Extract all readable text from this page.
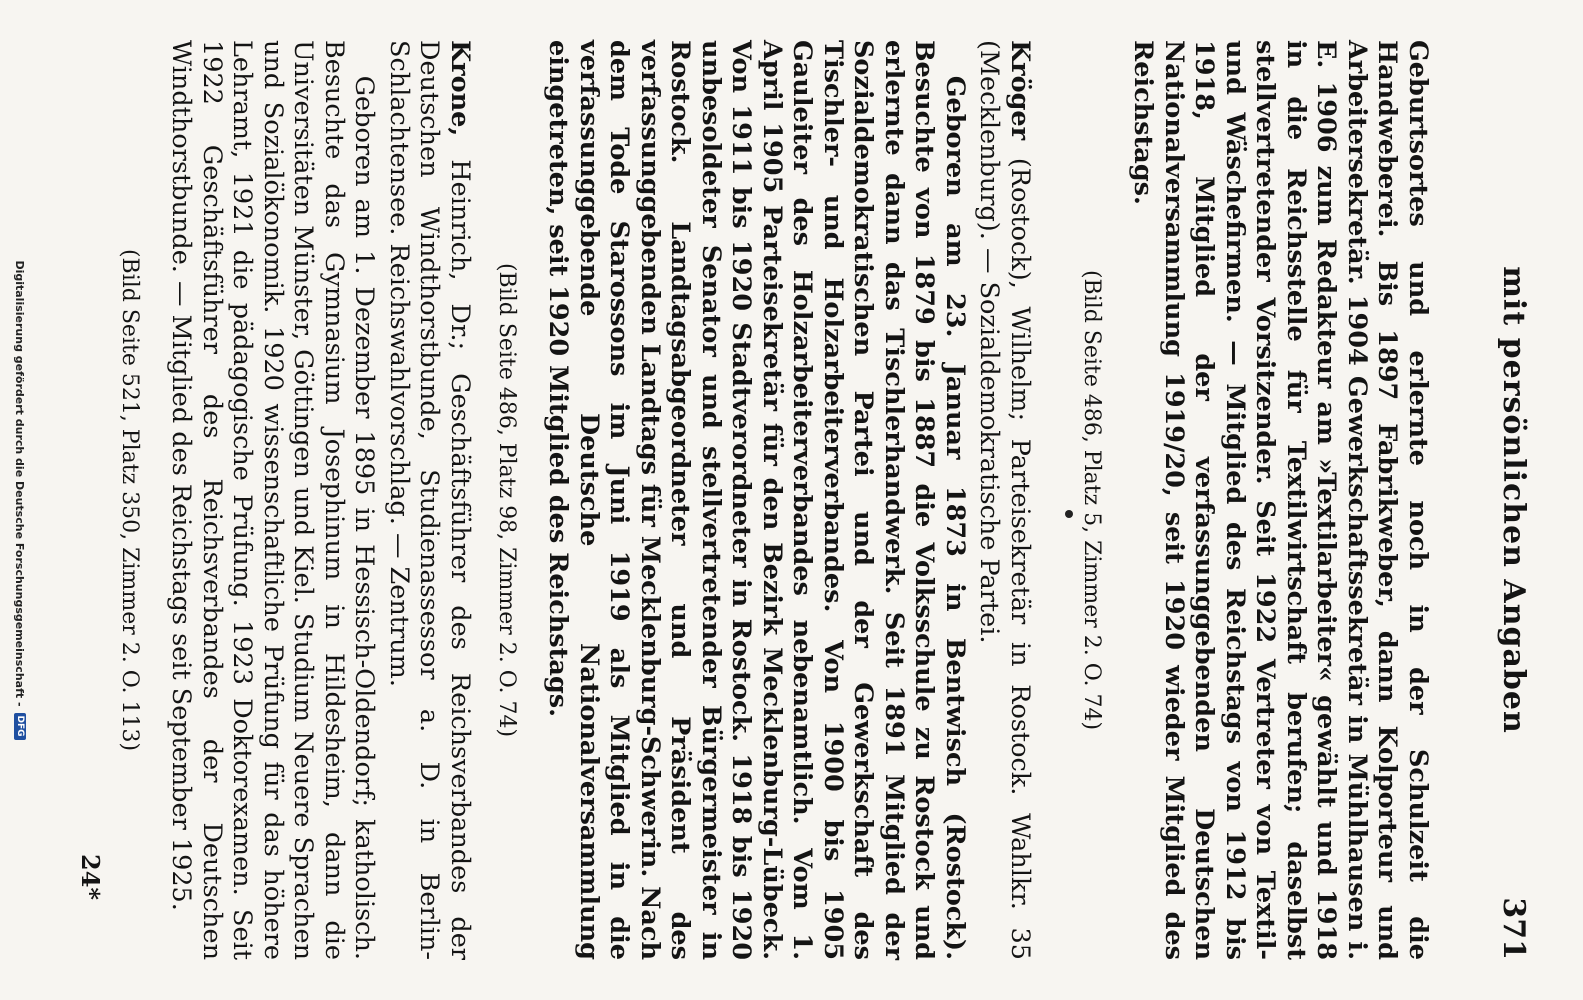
mit persönlichen Angaben
371

Geburtsortes und erlernte noch in der Schulzeit die Handweberei. Bis 1897 Fabrikweber, dann Kolporteur und Arbeitersekretär. 1904 Gewerkschaftssekretär in Mühlhausen i. E. 1906 zum Redakteur am »Textilarbeiter« gewählt und 1918 in die Reichsstelle für Textilwirtschaft berufen; daselbst stellvertretender Vorsitzender. Seit 1922 Vertreter von Textil- und Wäschefirmen. — Mitglied des Reichstags von 1912 bis 1918, Mitglied der verfassunggebenden Deutschen Nationalversammlung 1919/20, seit 1920 wieder Mitglied des Reichstags.

(Bild Seite 486, Platz 5, Zimmer 2. O. 74)

Kröger (Rostock), Wilhelm; Parteisekretär in Rostock. Wahlkr. 35 (Mecklenburg). — Sozialdemokratische Partei.

Geboren am 23. Januar 1873 in Bentwisch (Rostock). Besuchte von 1879 bis 1887 die Volksschule zu Rostock und erlernte dann das Tischlerhandwerk. Seit 1891 Mitglied der Sozialdemokratischen Partei und der Gewerkschaft des Tischler- und Holzarbeiterverbandes. Von 1900 bis 1905 Gauleiter des Holzarbeiterverbandes nebenamtlich. Vom 1. April 1905 Parteisekretär für den Bezirk Mecklenburg-Lübeck. Von 1911 bis 1920 Stadtverordneter in Rostock. 1918 bis 1920 unbesoldeter Senator und stellvertretender Bürgermeister in Rostock. Landtagsabgeordneter und Präsident des verfassunggebenden Landtags für Mecklenburg-Schwerin. Nach dem Tode Starossons im Juni 1919 als Mitglied in die verfassunggebende Deutsche Nationalversammlung eingetreten, seit 1920 Mitglied des Reichstags.

(Bild Seite 486, Platz 98, Zimmer 2. O. 74)

Krone, Heinrich, Dr.; Geschäftsführer des Reichsverbandes der Deutschen Windthorstbunde, Studienassessor a. D. in Berlin-Schlachtensee. Reichswahlvorschlag. — Zentrum.

Geboren am 1. Dezember 1895 in Hessisch-Oldendorf; katholisch. Besuchte das Gymnasium Josephinum in Hildesheim, dann die Universitäten Münster, Göttingen und Kiel. Studium Neuere Sprachen und Sozialökonomik. 1920 wissenschaftliche Prüfung für das höhere Lehramt, 1921 die pädagogische Prüfung. 1923 Doktorexamen. Seit 1922 Geschäftsführer des Reichsverbandes der Deutschen Windthorstbunde. — Mitglied des Reichstags seit September 1925.

(Bild Seite 521, Platz 350, Zimmer 2. O. 113)
24*
Digitalisierung gefördert durch die Deutsche Forschungsgemeinschaft -
DFG
